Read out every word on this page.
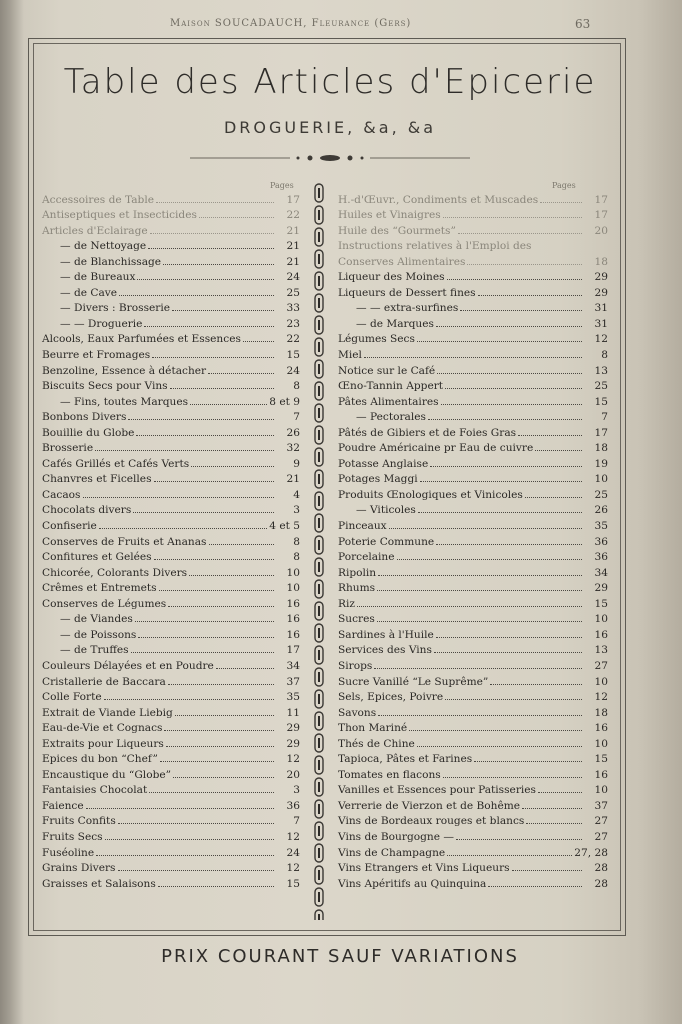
Maison SOUCADAUCH, Fleurance (Gers)	63
Table des Articles d'Epicerie
DROGUERIE, &a, &a
Pages	Pages
Accessoires de Table	17
Antiseptiques et Insecticides	22
Articles d'Eclairage	21
— de Nettoyage	21
— de Blanchissage	21
— de Bureaux	24
— de Cave	25
— Divers : Brosserie	33
— — Droguerie	23
Alcools, Eaux Parfumées et Essences	22
Beurre et Fromages	15
Benzoline, Essence à détacher	24
Biscuits Secs pour Vins	8
— Fins, toutes Marques	8 et 9
Bonbons Divers	7
Bouillie du Globe	26
Brosserie	32
Cafés Grillés et Cafés Verts	9
Chanvres et Ficelles	21
Cacaos	4
Chocolats divers	3
Confiserie	4 et 5
Conserves de Fruits et Ananas	8
Confitures et Gelées	8
Chicorée, Colorants Divers	10
Crêmes et Entremets	10
Conserves de Légumes	16
— de Viandes	16
— de Poissons	16
— de Truffes	17
Couleurs Délayées et en Poudre	34
Cristallerie de Baccara	37
Colle Forte	35
Extrait de Viande Liebig	11
Eau-de-Vie et Cognacs	29
Extraits pour Liqueurs	29
Epices du bon “Chef”	12
Encaustique du “Globe”	20
Fantaisies Chocolat	3
Faience	36
Fruits Confits	7
Fruits Secs	12
Fuséoline	24
Grains Divers	12
Graisses et Salaisons	15
H.-d'Œuvr., Condiments et Muscades	17
Huiles et Vinaigres	17
Huile des “Gourmets”	20
Instructions relatives à l'Emploi des
Conserves Alimentaires	18
Liqueur des Moines	29
Liqueurs de Dessert fines	29
— — extra-surfines	31
— de Marques	31
Légumes Secs	12
Miel	8
Notice sur le Café	13
Œno-Tannin Appert	25
Pâtes Alimentaires	15
— Pectorales	7
Pâtés de Gibiers et de Foies Gras	17
Poudre Américaine pr Eau de cuivre	18
Potasse Anglaise	19
Potages Maggi	10
Produits Œnologiques et Vinicoles	25
— Viticoles	26
Pinceaux	35
Poterie Commune	36
Porcelaine	36
Ripolin	34
Rhums	29
Riz	15
Sucres	10
Sardines à l'Huile	16
Services des Vins	13
Sirops	27
Sucre Vanillé “Le Suprême”	10
Sels, Epices, Poivre	12
Savons	18
Thon Mariné	16
Thés de Chine	10
Tapioca, Pâtes et Farines	15
Tomates en flacons	16
Vanilles et Essences pour Patisseries	10
Verrerie de Vierzon et de Bohême	37
Vins de Bordeaux rouges et blancs	27
Vins de Bourgogne —	27
Vins de Champagne	27, 28
Vins Etrangers et Vins Liqueurs	28
Vins Apéritifs au Quinquina	28
PRIX COURANT SAUF VARIATIONS
